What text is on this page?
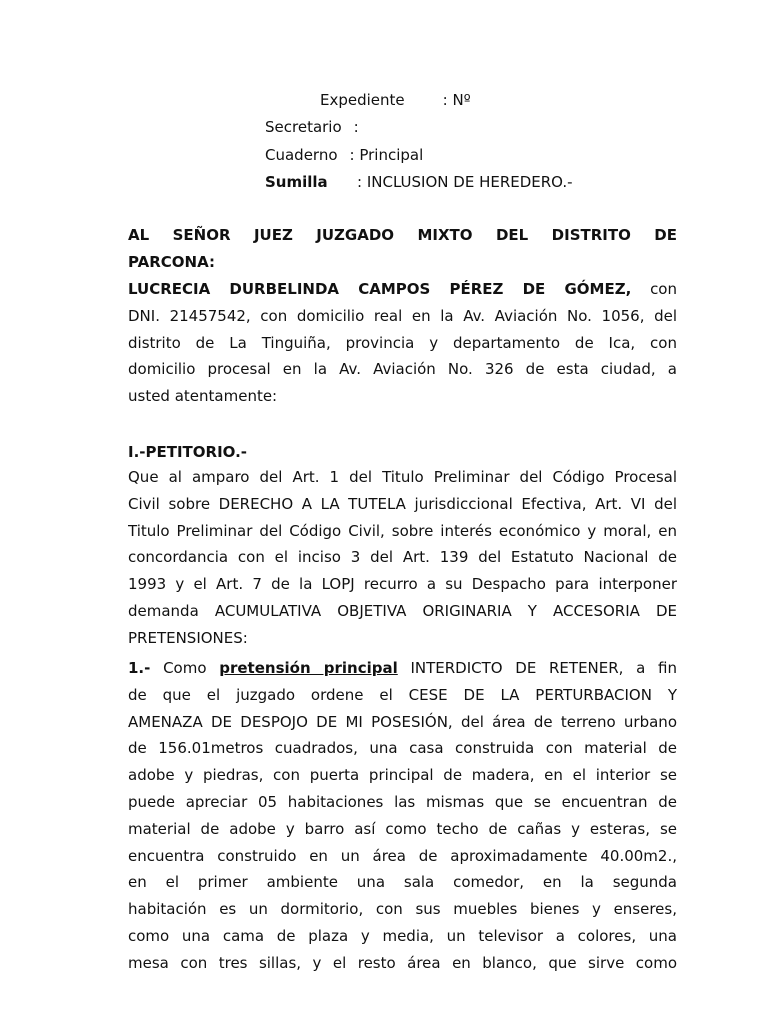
Expediente	: Nº
Secretario :
Cuaderno : Principal
Sumilla : INCLUSION DE HEREDERO.-
AL SEÑOR JUEZ JUZGADO MIXTO DEL DISTRITO DE
PARCONA:
LUCRECIA DURBELINDA CAMPOS PÉREZ DE GÓMEZ, con
DNI. 21457542, con domicilio real en la Av. Aviación No. 1056, del
distrito de La Tinguiña, provincia y departamento de Ica, con
domicilio procesal en la Av. Aviación No. 326 de esta ciudad, a
usted atentamente:
I.-PETITORIO.-
Que al amparo del Art. 1 del Titulo Preliminar del Código Procesal
Civil sobre DERECHO A LA TUTELA jurisdiccional Efectiva, Art. VI del
Titulo Preliminar del Código Civil, sobre interés económico y moral, en
concordancia con el inciso 3 del Art. 139 del Estatuto Nacional de
1993 y el Art. 7 de la LOPJ recurro a su Despacho para interponer
demanda ACUMULATIVA OBJETIVA ORIGINARIA Y ACCESORIA DE
PRETENSIONES:
1.- Como pretensión principal INTERDICTO DE RETENER, a fin
de que el juzgado ordene el CESE DE LA PERTURBACION Y
AMENAZA DE DESPOJO DE MI POSESIÓN, del área de terreno urbano
de 156.01metros cuadrados, una casa construida con material de
adobe y piedras, con puerta principal de madera, en el interior se
puede apreciar 05 habitaciones las mismas que se encuentran de
material de adobe y barro así como techo de cañas y esteras, se
encuentra construido en un área de aproximadamente 40.00m2.,
en el primer ambiente una sala comedor, en la segunda
habitación es un dormitorio, con sus muebles bienes y enseres,
como una cama de plaza y media, un televisor a colores, una
mesa con tres sillas, y el resto área en blanco, que sirve como
